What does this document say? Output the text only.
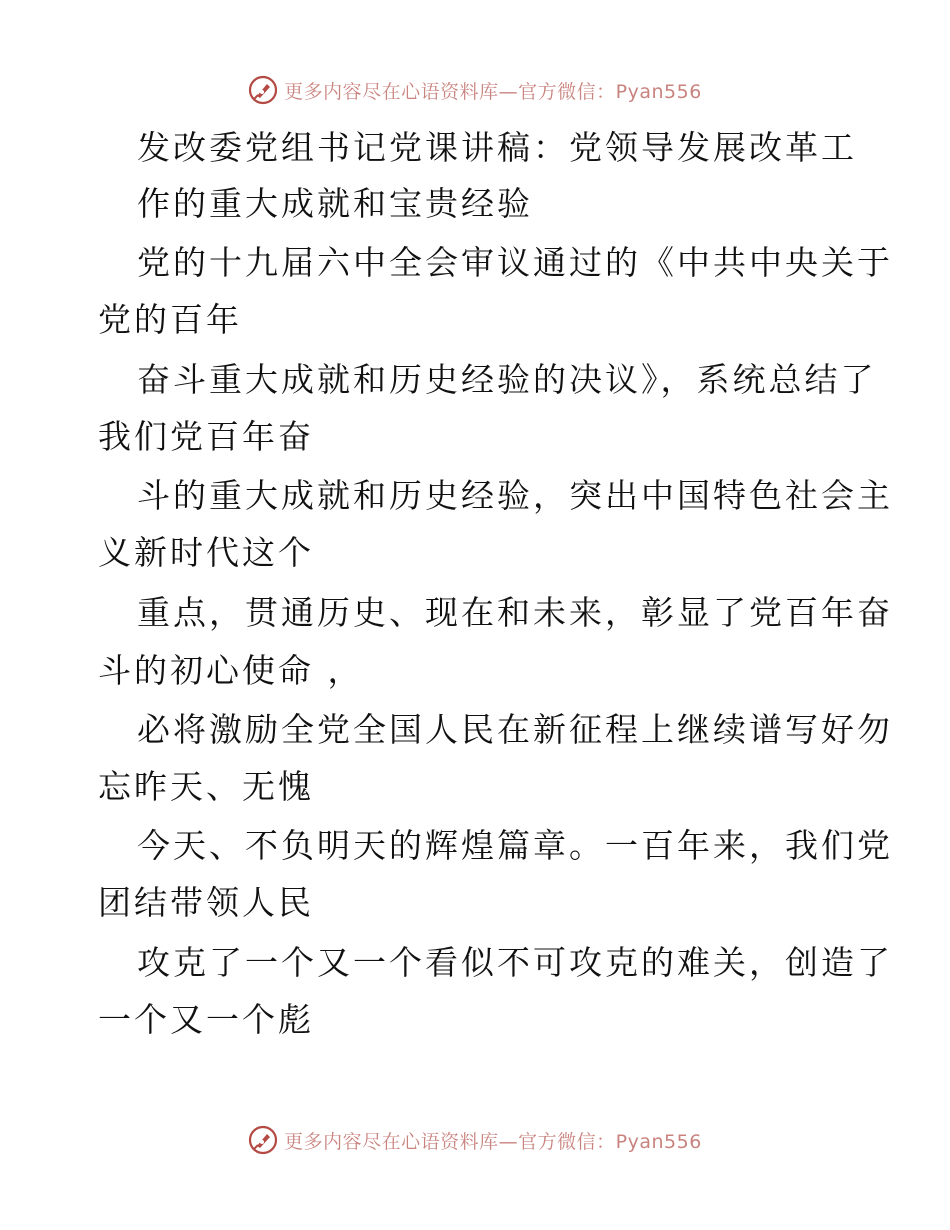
更多内容尽在心语资料库—官方微信：Pyan556
发改委党组书记党课讲稿：党领导发展改革工
作的重大成就和宝贵经验
党的十九届六中全会审议通过的《中共中央关于
党的百年
奋斗重大成就和历史经验的决议》，系统总结了
我们党百年奋
斗的重大成就和历史经验，突出中国特色社会主
义新时代这个
重点，贯通历史、现在和未来，彰显了党百年奋
斗的初心使命 ，
必将激励全党全国人民在新征程上继续谱写好勿
忘昨天、无愧
今天、不负明天的辉煌篇章。一百年来，我们党
团结带领人民
攻克了一个又一个看似不可攻克的难关，创造了
一个又一个彪
更多内容尽在心语资料库—官方微信：Pyan556
